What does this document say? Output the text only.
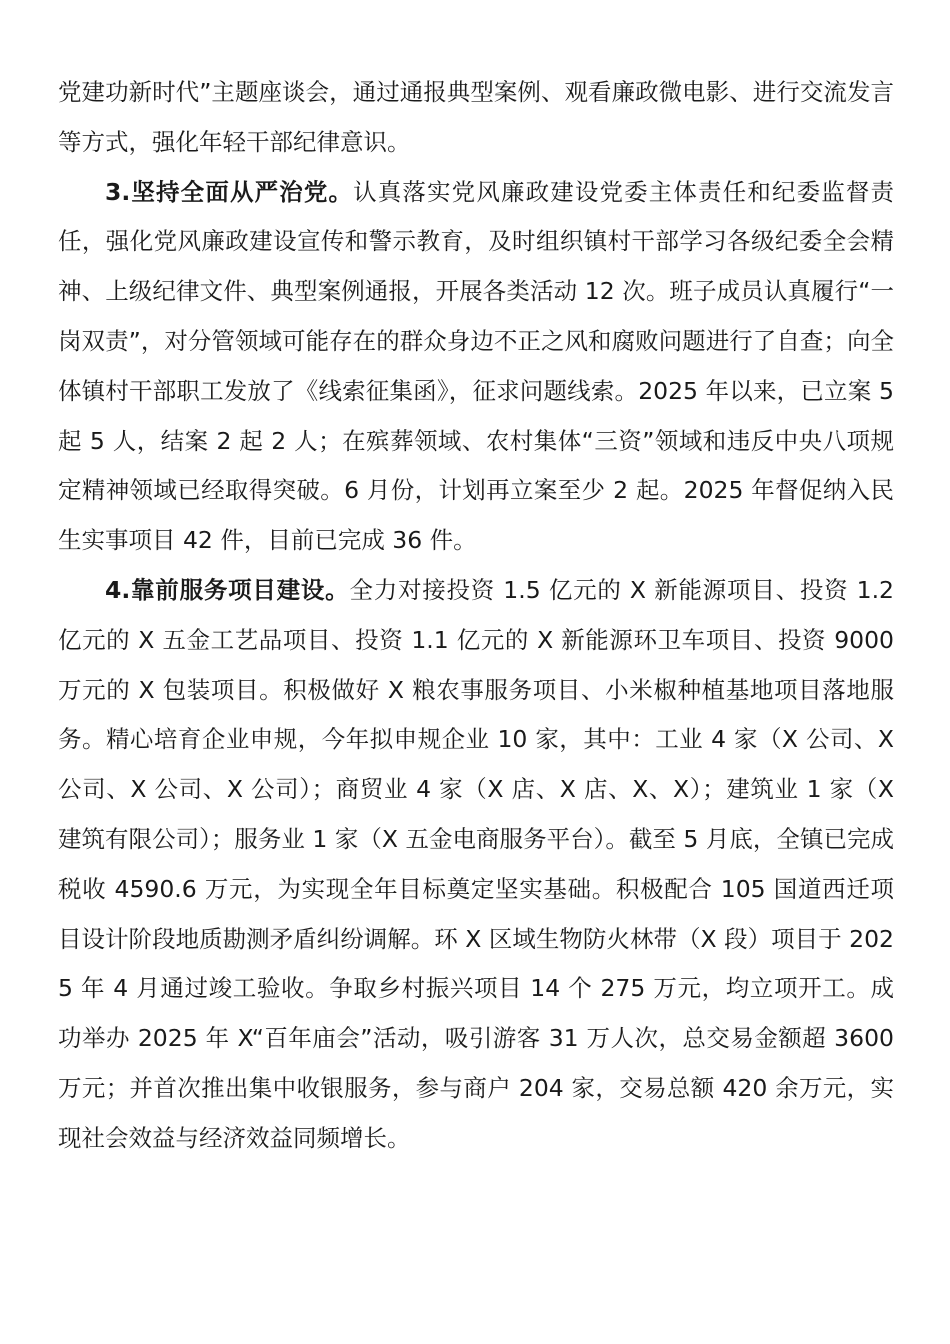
党建功新时代”主题座谈会，通过通报典型案例、观看廉政微电影、进行交流发言等方式，强化年轻干部纪律意识。

3.坚持全面从严治党。认真落实党风廉政建设党委主体责任和纪委监督责任，强化党风廉政建设宣传和警示教育，及时组织镇村干部学习各级纪委全会精神、上级纪律文件、典型案例通报，开展各类活动 12 次。班子成员认真履行“一岗双责”，对分管领域可能存在的群众身边不正之风和腐败问题进行了自查；向全体镇村干部职工发放了《线索征集函》，征求问题线索。2025 年以来，已立案 5 起 5 人，结案 2 起 2 人；在殡葬领域、农村集体“三资”领域和违反中央八项规定精神领域已经取得突破。6 月份，计划再立案至少 2 起。2025 年督促纳入民生实事项目 42 件，目前已完成 36 件。

4.靠前服务项目建设。全力对接投资 1.5 亿元的 X 新能源项目、投资 1.2 亿元的 X 五金工艺品项目、投资 1.1 亿元的 X 新能源环卫车项目、投资 9000 万元的 X 包装项目。积极做好 X 粮农事服务项目、小米椒种植基地项目落地服务。精心培育企业申规，今年拟申规企业 10 家，其中：工业 4 家（X 公司、X 公司、X 公司、X 公司）；商贸业 4 家（X 店、X 店、X、X）；建筑业 1 家（X 建筑有限公司）；服务业 1 家（X 五金电商服务平台）。截至 5 月底，全镇已完成税收 4590.6 万元，为实现全年目标奠定坚实基础。积极配合 105 国道西迁项目设计阶段地质勘测矛盾纠纷调解。环 X 区域生物防火林带（X 段）项目于 2025 年 4 月通过竣工验收。争取乡村振兴项目 14 个 275 万元，均立项开工。成功举办 2025 年 X“百年庙会”活动，吸引游客 31 万人次，总交易金额超 3600 万元；并首次推出集中收银服务，参与商户 204 家，交易总额 420 余万元，实现社会效益与经济效益同频增长。
